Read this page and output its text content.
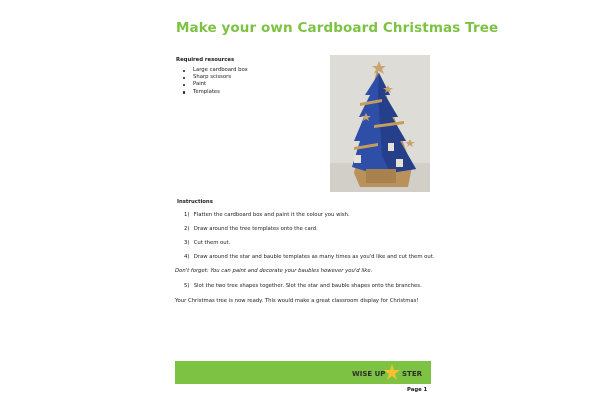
Make your own Cardboard Christmas Tree
Required resources
Large cardboard box
Sharp scissors
Paint
Templates
Instructions
1) Flatten the cardboard box and paint it the colour you wish.
2) Draw around the tree templates onto the card.
3) Cut them out.
4) Draw around the star and bauble templates as many times as you'd like and cut them out.
Don't forget: You can paint and decorate your baubles however you'd like.
5) Slot the two tree shapes together. Slot the star and bauble shapes onto the branches.
Your Christmas tree is now ready. This would make a great classroom display for Christmas!
WISE UP STER
Page 1
